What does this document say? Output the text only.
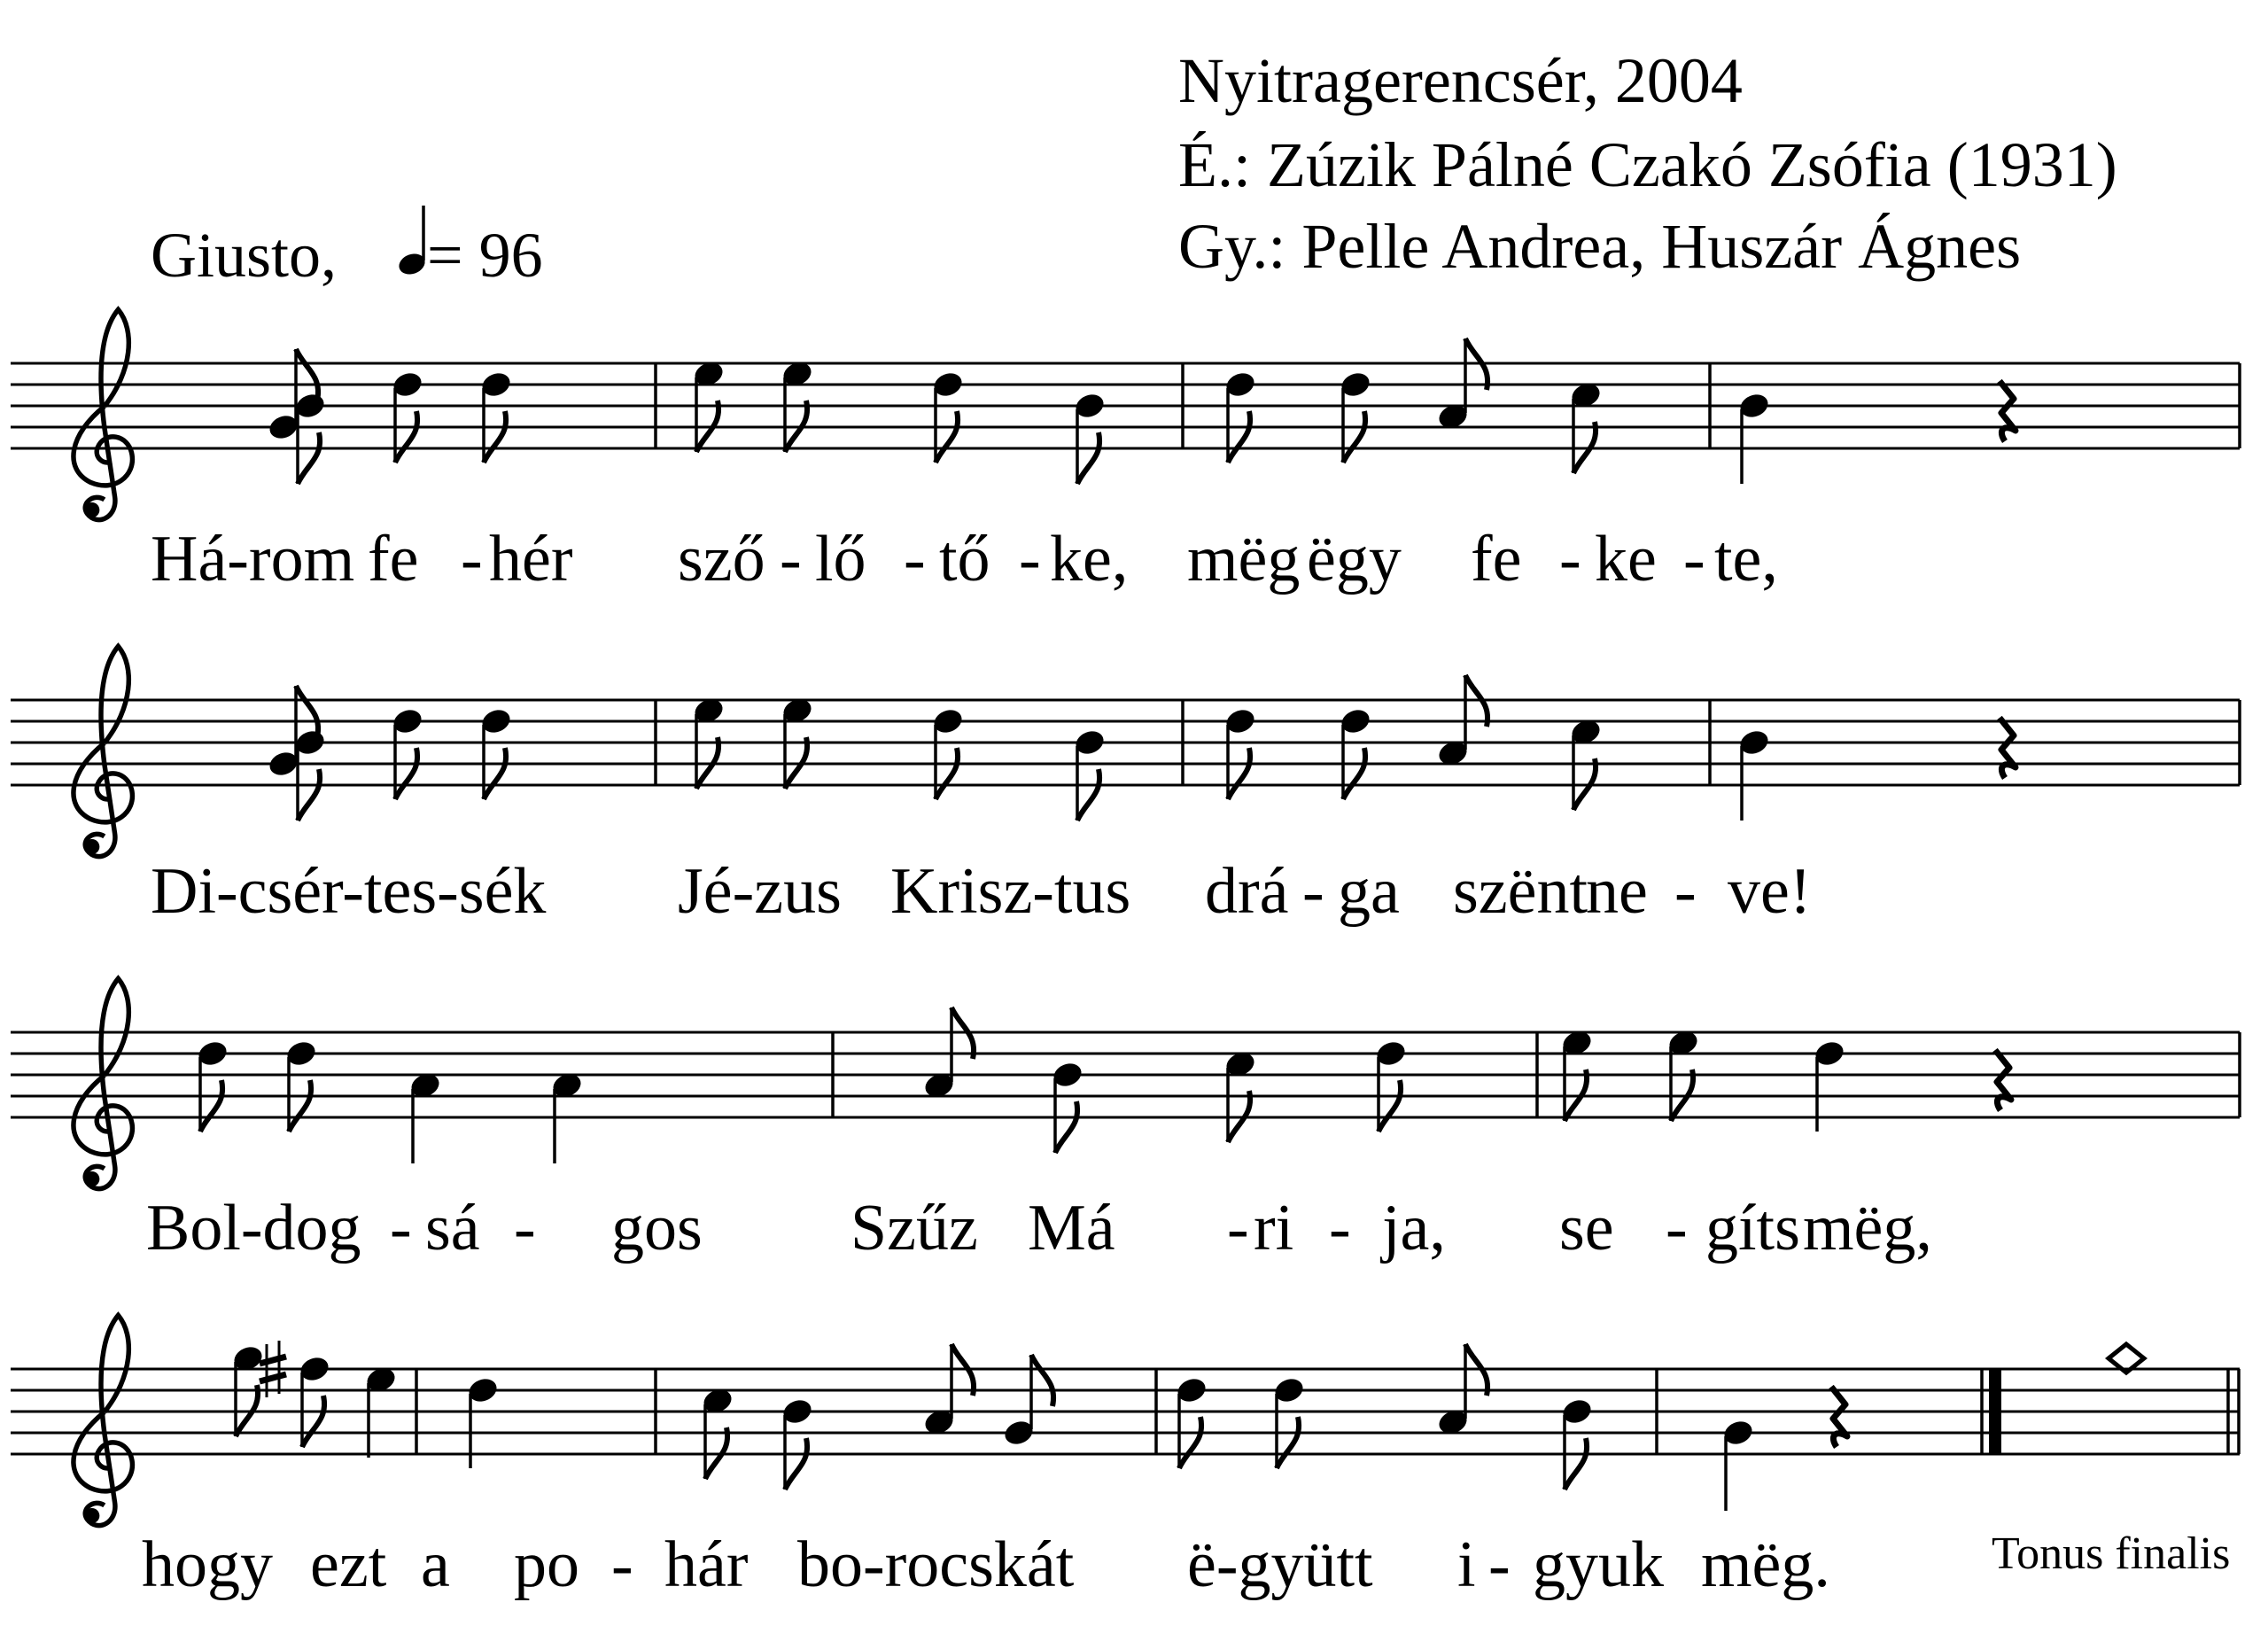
Nyitragerencsér, 2004
É.: Zúzik Pálné Czakó Zsófia (1931)
Gy.: Pelle Andrea, Huszár Ágnes
Giusto, = 96
Há-rom fe - hér sző - lő - tő - ke, mëg ëgy fe - ke - te,
Di-csér-tes-sék Jé-zus Krisz-tus drá - ga szënt
ne - ve!
Bol-dog - sá - gos Szűz Má - ri - ja, se - gíts mëg,
hogy ezt a po - hár bo-rocskát ë-gyütt i - gyuk mëg.	Tonus finalis
